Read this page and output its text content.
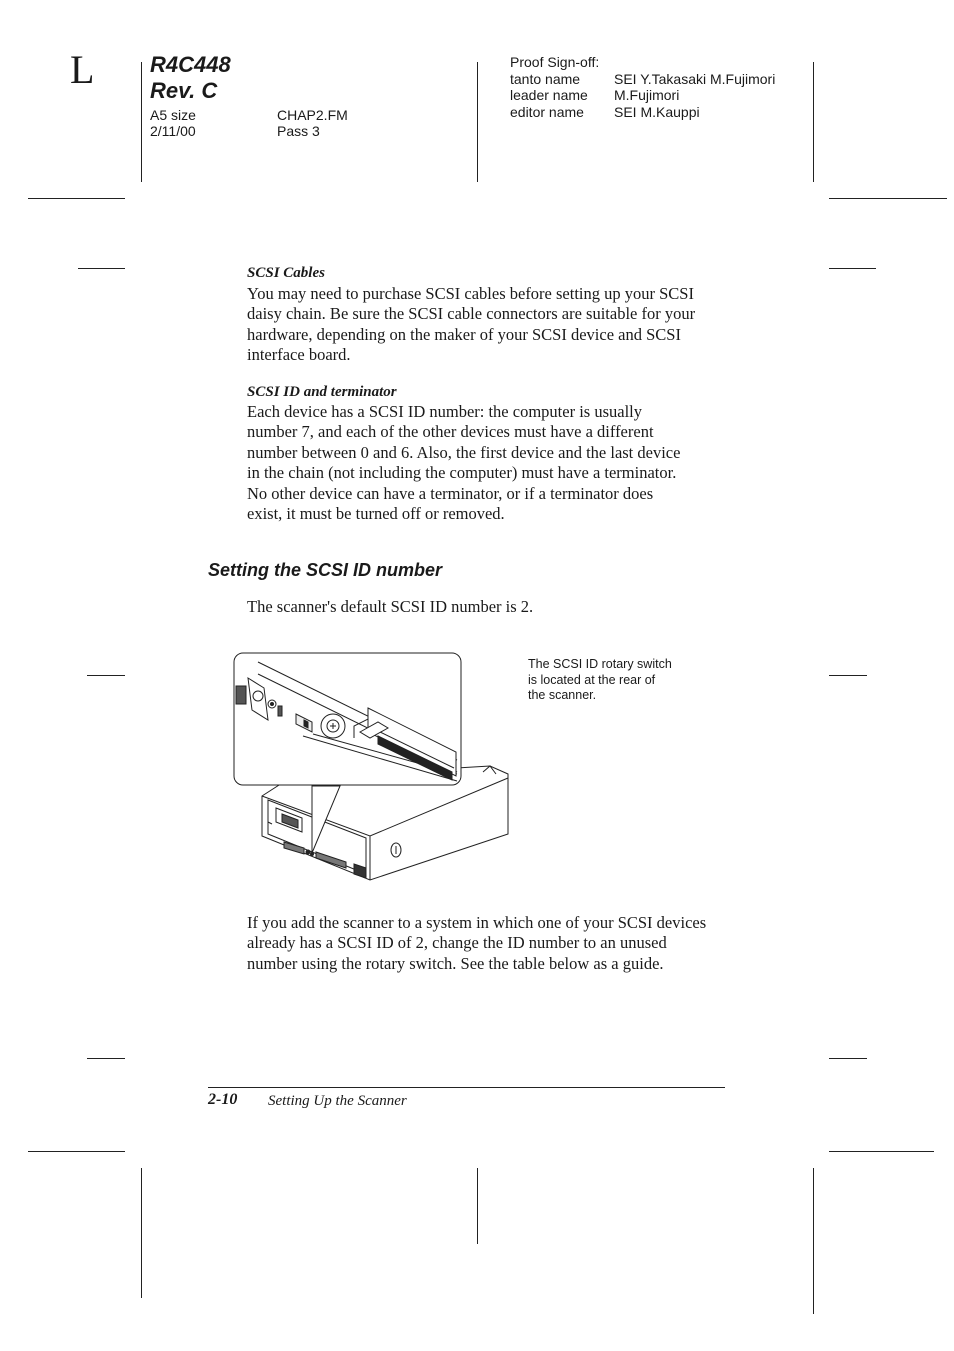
L	R4C448
Rev. C
A5 size
2/11/00
CHAP2.FM
Pass 3
Proof Sign-off:
tanto name SEI Y.Takasaki M.Fujimori
leader name M.Fujimori
editor name SEI M.Kauppi
SCSI Cables
You may need to purchase SCSI cables before setting up your SCSI
daisy chain. Be sure the SCSI cable connectors are suitable for your
hardware, depending on the maker of your SCSI device and SCSI
interface board.
SCSI ID and terminator
Each device has a SCSI ID number: the computer is usually
number 7, and each of the other devices must have a different
number between 0 and 6. Also, the first device and the last device
in the chain (not including the computer) must have a terminator.
No other device can have a terminator, or if a terminator does
exist, it must be turned off or removed.
Setting the SCSI ID number
The scanner's default SCSI ID number is 2.
The SCSI ID rotary switch
is located at the rear of
the scanner.
If you add the scanner to a system in which one of your SCSI devices
already has a SCSI ID of 2, change the ID number to an unused
number using the rotary switch. See the table below as a guide.
2-10 Setting Up the Scanner
